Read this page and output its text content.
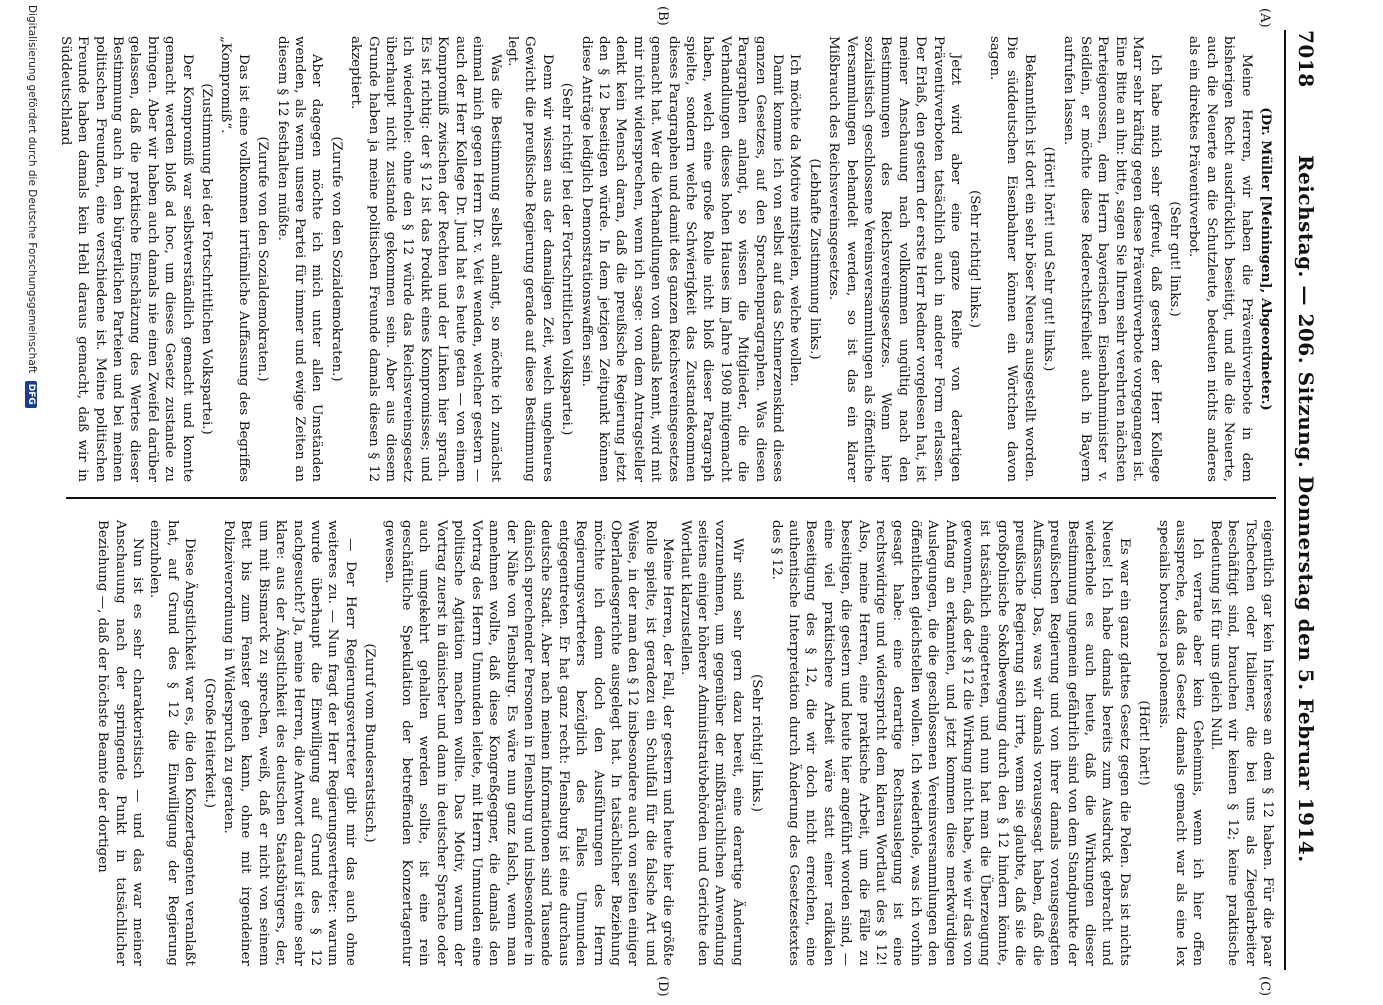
7018
Reichstag. — 206. Sitzung. Donnerstag den 5. Februar 1914.
(A)
(B)
(C)
(D)

(Dr. Müller [Meiningen], Abgeordneter.)

Meine Herren, wir haben die Präventivverbote in dem bisherigen Recht ausdrücklich beseitigt, und alle die Neuerte, auch die Neuerte an die Schutzleute, bedeuten nichts anderes als ein direktes Präventivverbot.

(Sehr gut! links.)

Ich habe mich sehr gefreut, daß gestern der Herr Kollege Marr sehr kräftig gegen diese Präventivverbote vorgegangen ist. Eine Bitte an ihn: bitte, sagen Sie Ihrem sehr verehrten nächsten Parteigenossen, dem Herrn bayerischen Eisenbahnminister v. Seidlein, er möchte diese Rederechtsfreiheit auch in Bayern aufrufen lassen.

(Hört! hört! und Sehr gut! links.)

Bekanntlich ist dort ein sehr böser Neuers ausgestellt worden. Die süddeutschen Eisenbahner können ein Wörtchen davon sagen.

(Sehr richtig! links.)

Jetzt wird aber eine ganze Reihe von derartigen Präventivverboten tatsächlich auch in anderer Form erlassen. Der Erlaß, den gestern der erste Herr Redner vorgelesen hat, ist meiner Anschauung nach vollkommen ungültig nach den Bestimmungen des Reichsvereinsgesetzes. Wenn hier sozialistisch geschlossene Vereinsversammlungen als öffentliche Versammlungen behandelt werden, so ist das ein klarer Mißbrauch des Reichsvereinsgesetzes.

(Lebhafte Zustimmung links.)

Ich möchte da Motive mitspielen, welche wollen.

Damit komme ich von selbst auf das Schmerzenskind dieses ganzen Gesetzes, auf den Sprachenparagraphen. Was diesen Paragraphen anlangt, so wissen die Mitglieder, die die Verhandlungen dieses hohen Hauses im Jahre 1908 mitgemacht haben, welch eine große Rolle nicht bloß dieser Paragraph spielte, sondern welche Schwierigkeit das Zustandekommen dieses Paragraphen und damit des ganzen Reichsvereinsgesetzes gemacht hat. Wer die Verhandlungen von damals kennt, wird mit mir nicht widersprechen, wenn ich sage: von dem Antragsteller denkt kein Mensch daran, daß die preußische Regierung jetzt den § 12 beseitigen würde. In dem jetzigen Zeitpunkt können diese Anträge lediglich Demonstrationswaffen sein.

(Sehr richtig! bei der Fortschrittlichen Volkspartei.)

Denn wir wissen aus der damaligen Zeit, welch ungeheures Gewicht die preußische Regierung gerade auf diese Bestimmung legt.

Was die Bestimmung selbst anlangt, so möchte ich zunächst einmal mich gegen Herrn Dr. v. Veit wenden, welcher gestern — auch der Herr Kollege Dr. Jund hat es heute getan — von einem Kompromiß zwischen der Rechten und der Linken hier sprach. Es ist richtig: der § 12 ist das Produkt eines Kompromisses; und ich wiederhole: ohne den § 12 würde das Reichsvereinsgesetz überhaupt nicht zustande gekommen sein. Aber aus diesem Grunde haben ja meine politischen Freunde damals diesen § 12 akzeptiert.

(Zurufe von den Sozialdemokraten.)

Aber dagegen möchte ich mich unter allen Umständen wenden, als wenn unsere Partei für immer und ewige Zeiten an diesem § 12 festhalten müßte.

(Zurufe von den Sozialdemokraten.)

Das ist eine vollkommen irrtümliche Auffassung des Begriffes „Kompromiß“.

(Zustimmung bei der Fortschrittlichen Volkspartei.)

Der Kompromiß war selbstverständlich gemacht und konnte gemacht werden bloß ad hoc, um dieses Gesetz zustande zu bringen. Aber wir haben auch damals nie einen Zweifel darüber gelassen, daß die praktische Einschätzung des Wertes dieser Bestimmung auch in den bürgerlichen Parteien und bei meinen politischen Freunden, eine verschiedene ist. Meine politischen Freunde haben damals kein Hehl daraus gemacht, daß wir in Süddeutschland

eigentlich gar kein Interesse an dem § 12 haben. Für die paar Tschechen oder Italiener, die bei uns als Ziegelarbeiter beschäftigt sind, brauchen wir keinen § 12; keine praktische Bedeutung ist für uns gleich Null.

Ich verrate aber kein Geheimnis, wenn ich hier offen ausspreche, daß das Gesetz damals gemacht war als eine lex specialis borussica polonensis.

(Hört! hört!)

Es war ein ganz glattes Gesetz gegen die Polen. Das ist nichts Neues! Ich habe damals bereits zum Ausdruck gebracht und wiederhole es auch heute, daß die Wirkungen dieser Bestimmung ungemein gefährlich sind von dem Standpunkte der preußischen Regierung und von ihrer damals vorausgesagten Auffassung. Das, was wir damals vorausgesagt haben, daß die preußische Regierung sich irrte, wenn sie glaubte, daß sie die großpolnische Sokolbewegung durch den § 12 hindern könnte, ist tatsächlich eingetreten, und nun hat man die Überzeugung gewonnen, daß der § 12 die Wirkung nicht habe, wie wir das von Anfang an erkannten, und jetzt kommen diese merkwürdigen Auslegungen, die die geschlossenen Vereinsversammlungen den öffentlichen gleichstellen wollen. Ich wiederhole, was ich vorhin gesagt habe: eine derartige Rechtsauslegung ist eine rechtswidrige und widerspricht dem klaren Wortlaut des § 12! Also, meine Herren, eine praktische Arbeit, um die Fälle zu beseitigen, die gestern und heute hier angeführt worden sind, — eine viel praktischere Arbeit wäre statt einer radikalen Beseitigung des § 12, die wir doch nicht erreichen, eine authentische Interpretation durch Änderung des Gesetzestextes des § 12.

(Sehr richtig! links.)

Wir sind sehr gern dazu bereit, eine derartige Änderung vorzunehmen, um gegenüber der mißbräuchlichen Anwendung seitens einiger höherer Administrativbehörden und Gerichte den Wortlaut klarzustellen.

Meine Herren, der Fall, der gestern und heute hier die größte Rolle spielte, ist geradezu ein Schulfall für die falsche Art und Weise, in der man den § 12 insbesondere auch von seiten einiger Oberlandesgerichte ausgelegt hat. In tatsächlicher Beziehung möchte ich denn doch den Ausführungen des Herrn Regierungsvertreters bezüglich des Falles Unmunden entgegentreten. Er hat ganz recht: Flensburg ist eine durchaus deutsche Stadt. Aber nach meinen Informationen sind Tausende dänisch sprechender Personen in Flensburg und insbesondere in der Nähe von Flensburg. Es wäre nun ganz falsch, wenn man annehmen wollte, daß diese Kongreßgegner, die damals den Vortrag des Herrn Unmunden leitete, mit Herrn Unmunden eine politische Agitation machen wollte. Das Motiv, warum der Vortrag zuerst in dänischer und dann in deutscher Sprache oder auch umgekehrt gehalten werden sollte, ist eine rein geschäftliche Spekulation der betreffenden Konzertagentur gewesen.

(Zuruf vom Bundesratstisch.)

— Der Herr Regierungsvertreter gibt mir das auch ohne weiteres zu. — Nun fragt der Herr Regierungsvertreter: warum wurde überhaupt die Einwilligung auf Grund des § 12 nachgesucht? Ja, meine Herren, die Antwort darauf ist eine sehr klare: aus der Ängstlichkeit des deutschen Staatsbürgers, der, um mit Bismarck zu sprechen, weiß, daß er nicht von seinem Bett bis zum Fenster gehen kann, ohne mit irgendeiner Polizeiverordnung in Widerspruch zu geraten.

(Große Heiterkeit.)

Diese Ängstlichkeit war es, die den Konzertagenten veranlaßt hat, auf Grund des § 12 die Einwilligung der Regierung einzuholen.

Nun ist es sehr charakteristisch — und das war meiner Anschauung nach der springende Punkt in tatsächlicher Beziehung —, daß der höchste Beamte der dortigen

Digitalisierung gefördert durch die Deutsche Forschungsgemeinschaft DFG
